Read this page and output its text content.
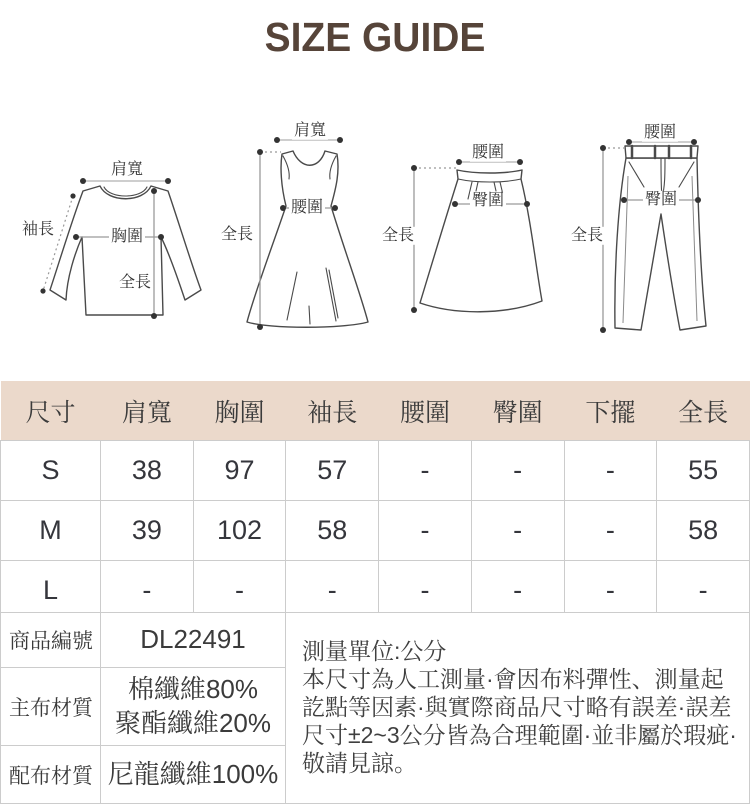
SIZE GUIDE
肩寬
袖長	胸圍
全長
肩寬
腰圍
全長
腰圍
臀圍
全長
腰圍
臀圍
全長
尺寸	肩寬	胸圍	袖長	腰圍	臀圍	下擺	全長
S	38	97	57	-	-	-	55
M	39	102	58	-	-	-	58
L	-	-	-	-	-	-	-
商品編號	DL22491	測量單位:公分
本尺寸為人工測量·會因布料彈性、測量起訖點等因素·與實際商品尺寸略有誤差·誤差尺寸±2~3公分皆為合理範圍·並非屬於瑕疵·敬請見諒。

主布材質	棉纖維80%
聚酯纖維20%	

配布材質	尼龍纖維100%	
